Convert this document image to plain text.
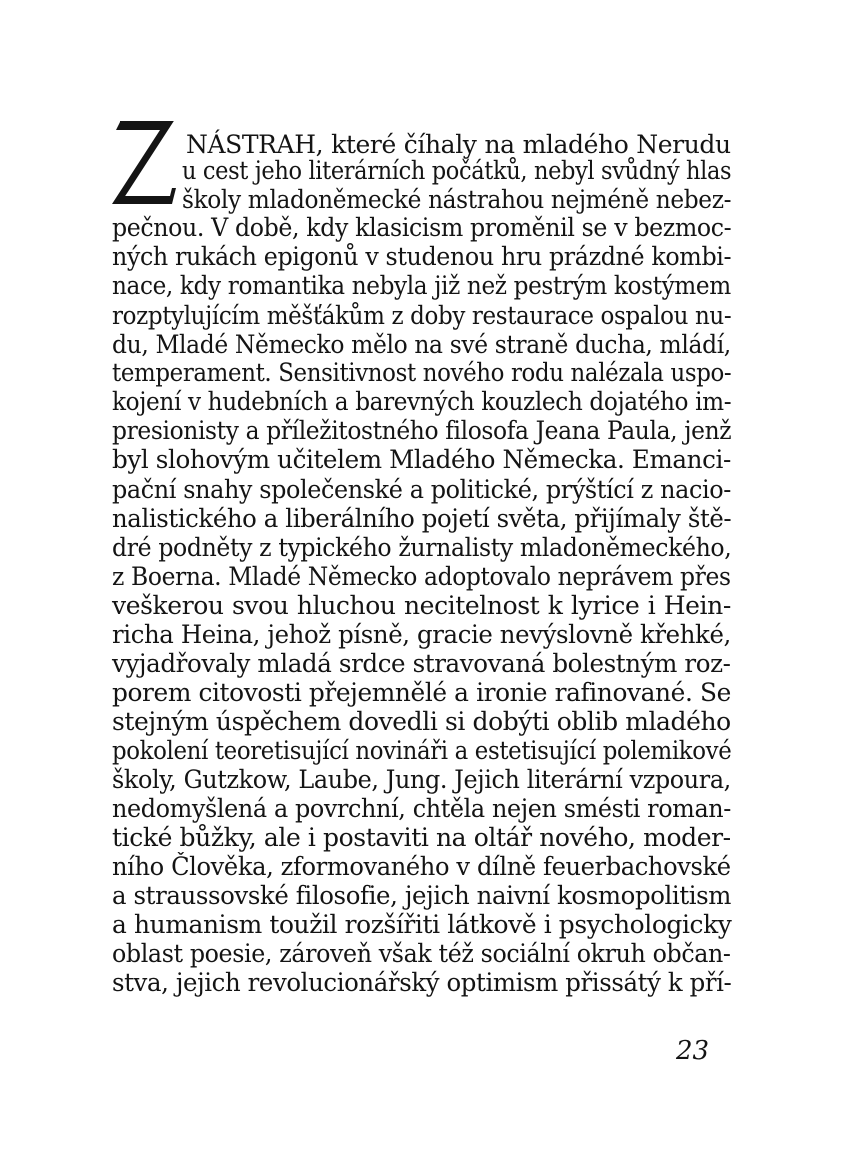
NÁSTRAH, které číhaly na mladého Nerudu
u cest jeho literárních počátků, nebyl svůdný hlas
školy mladoněmecké nástrahou nejméně nebez-
pečnou. V době, kdy klasicism proměnil se v bezmoc-
ných rukách epigonů v studenou hru prázdné kombi-
nace, kdy romantika nebyla již než pestrým kostýmem
rozptylujícím měšťákům z doby restaurace ospalou nu-
du, Mladé Německo mělo na své straně ducha, mládí,
temperament. Sensitivnost nového rodu nalézala uspo-
kojení v hudebních a barevných kouzlech dojatého im-
presionisty a příležitostného filosofa Jeana Paula, jenž
byl slohovým učitelem Mladého Německa. Emanci-
pační snahy společenské a politické, prýštící z nacio-
nalistického a liberálního pojetí světa, přijímaly ště-
dré podněty z typického žurnalisty mladoněmeckého,
z Boerna. Mladé Německo adoptovalo neprávem přes
veškerou svou hluchou necitelnost k lyrice i Hein-
richa Heina, jehož písně, gracie nevýslovně křehké,
vyjadřovaly mladá srdce stravovaná bolestným roz-
porem citovosti přejemnělé a ironie rafinované. Se
stejným úspěchem dovedli si dobýti oblib mladého
pokolení teoretisující novináři a estetisující polemikové
školy, Gutzkow, Laube, Jung. Jejich literární vzpoura,
nedomyšlená a povrchní, chtěla nejen smésti roman-
tické bůžky, ale i postaviti na oltář nového, moder-
ního Člověka, zformovaného v dílně feuerbachovské
a straussovské filosofie, jejich naivní kosmopolitism
a humanism toužil rozšířiti látkově i psychologicky
oblast poesie, zároveň však též sociální okruh občan-
stva, jejich revolucionářský optimism přissátý k pří-
23
